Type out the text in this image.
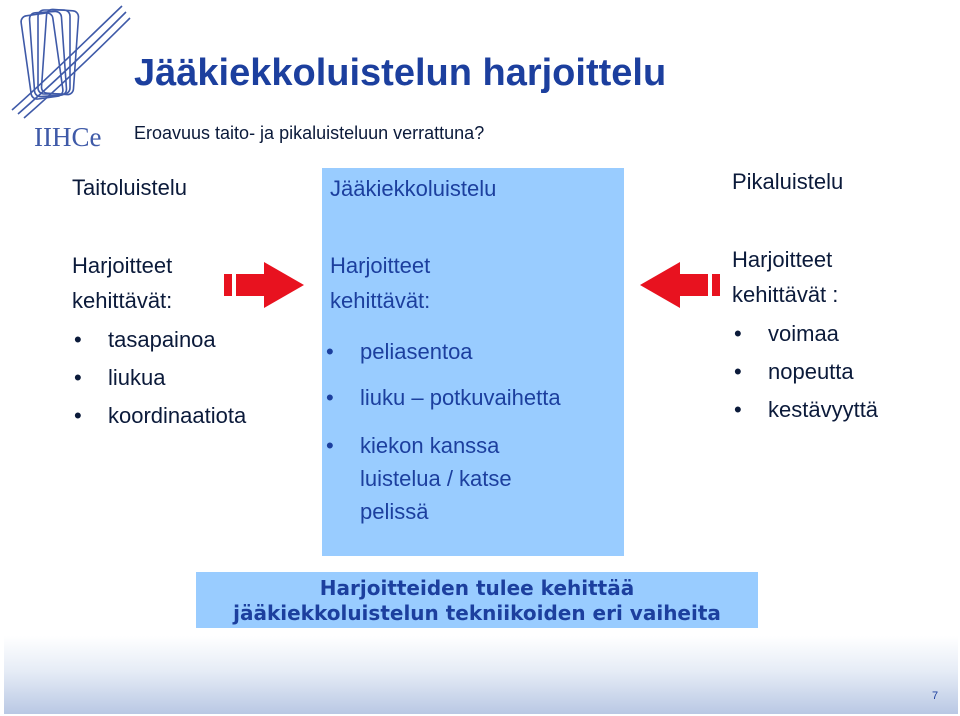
IIHCe
Jääkiekkoluistelun harjoittelu
Eroavuus taito- ja pikaluisteluun verrattuna?
Taitoluistelu
Harjoitteet
kehittävät:
• tasapainoa
• liukua
• koordinaatiota
Jääkiekkoluistelu
Harjoitteet
kehittävät:
• peliasentoa
• liuku – potkuvaihetta
• kiekon kanssa
luistelua / katse
pelissä
Pikaluistelu
Harjoitteet
kehittävät :
• voimaa
• nopeutta
• kestävyyttä
Harjoitteiden tulee kehittää
jääkiekkoluistelun tekniikoiden eri vaiheita
7
